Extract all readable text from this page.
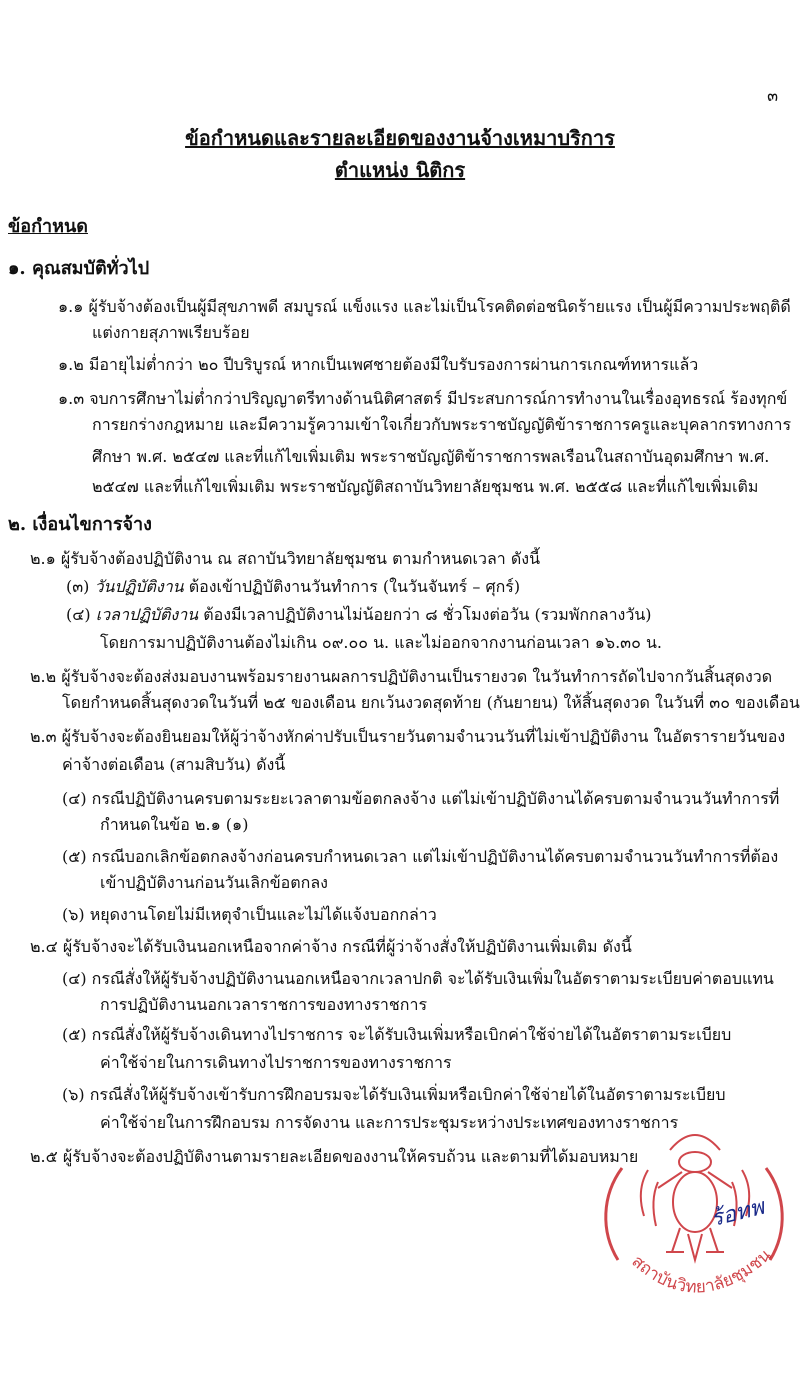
๓
ข้อกำหนดและรายละเอียดของงานจ้างเหมาบริการ
ตำแหน่ง นิติกร
ข้อกำหนด
๑. คุณสมบัติทั่วไป
๑.๑ ผู้รับจ้างต้องเป็นผู้มีสุขภาพดี สมบูรณ์ แข็งแรง และไม่เป็นโรคติดต่อชนิดร้ายแรง เป็นผู้มีความประพฤติดี
แต่งกายสุภาพเรียบร้อย
๑.๒ มีอายุไม่ต่ำกว่า ๒๐ ปีบริบูรณ์ หากเป็นเพศชายต้องมีใบรับรองการผ่านการเกณฑ์ทหารแล้ว
๑.๓ จบการศึกษาไม่ต่ำกว่าปริญญาตรีทางด้านนิติศาสตร์ มีประสบการณ์การทำงานในเรื่องอุทธรณ์ ร้องทุกข์
การยกร่างกฎหมาย และมีความรู้ความเข้าใจเกี่ยวกับพระราชบัญญัติข้าราชการครูและบุคลากรทางการ
ศึกษา พ.ศ. ๒๕๔๗ และที่แก้ไขเพิ่มเติม พระราชบัญญัติข้าราชการพลเรือนในสถาบันอุดมศึกษา พ.ศ.
๒๕๔๗ และที่แก้ไขเพิ่มเติม พระราชบัญญัติสถาบันวิทยาลัยชุมชน พ.ศ. ๒๕๕๘ และที่แก้ไขเพิ่มเติม
๒. เงื่อนไขการจ้าง
๒.๑ ผู้รับจ้างต้องปฏิบัติงาน ณ สถาบันวิทยาลัยชุมชน ตามกำหนดเวลา ดังนี้
(๓) วันปฏิบัติงาน ต้องเข้าปฏิบัติงานวันทำการ (ในวันจันทร์ – ศุกร์)
(๔) เวลาปฏิบัติงาน ต้องมีเวลาปฏิบัติงานไม่น้อยกว่า ๘ ชั่วโมงต่อวัน (รวมพักกลางวัน)
โดยการมาปฏิบัติงานต้องไม่เกิน ๐๙.๐๐ น. และไม่ออกจากงานก่อนเวลา ๑๖.๓๐ น.
๒.๒ ผู้รับจ้างจะต้องส่งมอบงานพร้อมรายงานผลการปฏิบัติงานเป็นรายงวด ในวันทำการถัดไปจากวันสิ้นสุดงวด
โดยกำหนดสิ้นสุดงวดในวันที่ ๒๕ ของเดือน ยกเว้นงวดสุดท้าย (กันยายน) ให้สิ้นสุดงวด ในวันที่ ๓๐ ของเดือน
๒.๓ ผู้รับจ้างจะต้องยินยอมให้ผู้ว่าจ้างหักค่าปรับเป็นรายวันตามจำนวนวันที่ไม่เข้าปฏิบัติงาน ในอัตรารายวันของ
ค่าจ้างต่อเดือน (สามสิบวัน) ดังนี้
(๔) กรณีปฏิบัติงานครบตามระยะเวลาตามข้อตกลงจ้าง แต่ไม่เข้าปฏิบัติงานได้ครบตามจำนวนวันทำการที่
กำหนดในข้อ ๒.๑ (๑)
(๕) กรณีบอกเลิกข้อตกลงจ้างก่อนครบกำหนดเวลา แต่ไม่เข้าปฏิบัติงานได้ครบตามจำนวนวันทำการที่ต้อง
เข้าปฏิบัติงานก่อนวันเลิกข้อตกลง
(๖) หยุดงานโดยไม่มีเหตุจำเป็นและไม่ได้แจ้งบอกกล่าว
๒.๔ ผู้รับจ้างจะได้รับเงินนอกเหนือจากค่าจ้าง กรณีที่ผู้ว่าจ้างสั่งให้ปฏิบัติงานเพิ่มเติม ดังนี้
(๔) กรณีสั่งให้ผู้รับจ้างปฏิบัติงานนอกเหนือจากเวลาปกติ จะได้รับเงินเพิ่มในอัตราตามระเบียบค่าตอบแทน
การปฏิบัติงานนอกเวลาราชการของทางราชการ
(๕) กรณีสั่งให้ผู้รับจ้างเดินทางไปราชการ จะได้รับเงินเพิ่มหรือเบิกค่าใช้จ่ายได้ในอัตราตามระเบียบ
ค่าใช้จ่ายในการเดินทางไปราชการของทางราชการ
(๖) กรณีสั่งให้ผู้รับจ้างเข้ารับการฝึกอบรมจะได้รับเงินเพิ่มหรือเบิกค่าใช้จ่ายได้ในอัตราตามระเบียบ
ค่าใช้จ่ายในการฝึกอบรม การจัดงาน และการประชุมระหว่างประเทศของทางราชการ
๒.๕ ผู้รับจ้างจะต้องปฏิบัติงานตามรายละเอียดของงานให้ครบถ้วน และตามที่ได้มอบหมาย
สถาบันวิทยาลัยชุมชน
ร้อทพ
